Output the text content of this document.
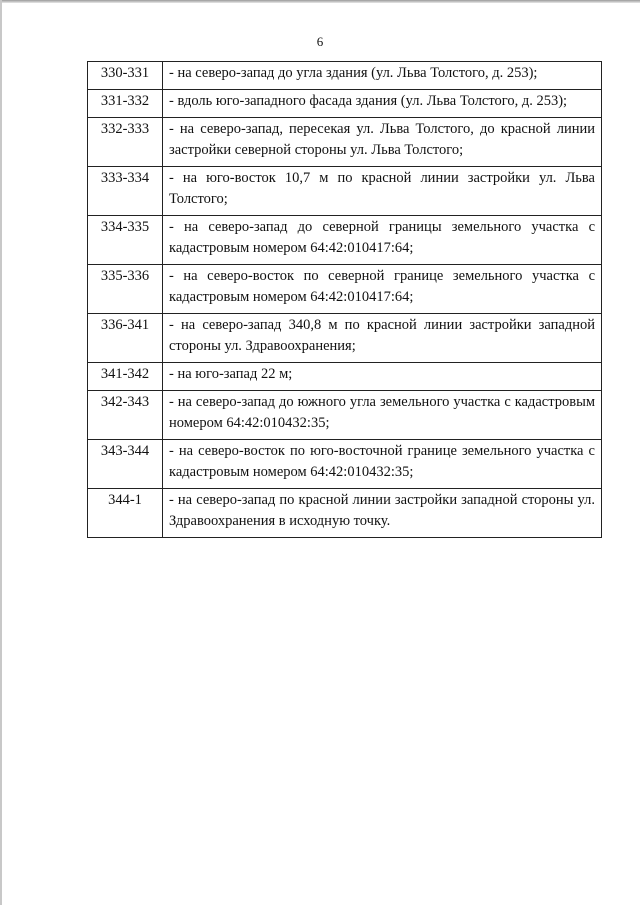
6
330-331	- на северо-запад до угла здания (ул. Льва Толстого, д. 253);
331-332	- вдоль юго-западного фасада здания (ул. Льва Толстого, д. 253);
332-333	- на северо-запад, пересекая ул. Льва Толстого, до красной линии застройки северной стороны ул. Льва Толстого;
333-334	- на юго-восток 10,7 м по красной линии застройки ул. Льва Толстого;
334-335	- на северо-запад до северной границы земельного участка с кадастровым номером 64:42:010417:64;
335-336	- на северо-восток по северной границе земельного участка с кадастровым номером 64:42:010417:64;
336-341	- на северо-запад 340,8 м по красной линии застройки западной стороны ул. Здравоохранения;
341-342	- на юго-запад 22 м;
342-343	- на северо-запад до южного угла земельного участка с кадастровым номером 64:42:010432:35;
343-344	- на северо-восток по юго-восточной границе земельного участка с кадастровым номером 64:42:010432:35;
344-1	- на северо-запад по красной линии застройки западной стороны ул. Здравоохранения в исходную точку.
